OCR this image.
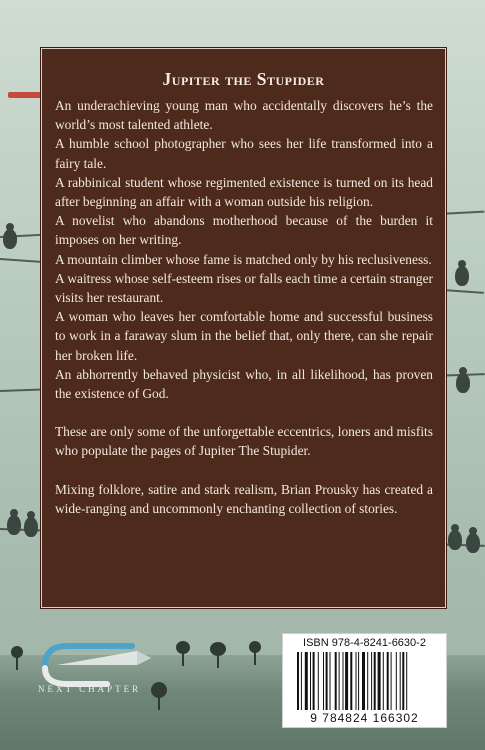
Jupiter the Stupider

An underachieving young man who accidentally discovers he’s the world’s most talented athlete.

A humble school photographer who sees her life transformed into a fairy tale.

A rabbinical student whose regimented existence is turned on its head after beginning an affair with a woman outside his religion.

A novelist who abandons motherhood because of the burden it imposes on her writing.

A mountain climber whose fame is matched only by his reclusiveness.

A waitress whose self-esteem rises or falls each time a certain stranger visits her restaurant.

A woman who leaves her comfortable home and successful business to work in a faraway slum in the belief that, only there, can she repair her broken life.

An abhorrently behaved physicist who, in all likelihood, has proven the existence of God.

These are only some of the unforgettable eccentrics, loners and misfits who populate the pages of Jupiter The Stupider.

Mixing folklore, satire and stark realism, Brian Prousky has created a wide-ranging and uncommonly enchanting collection of stories.

NEXT CHAPTER
ISBN 978-4-8241-6630-2
9 784824 166302
